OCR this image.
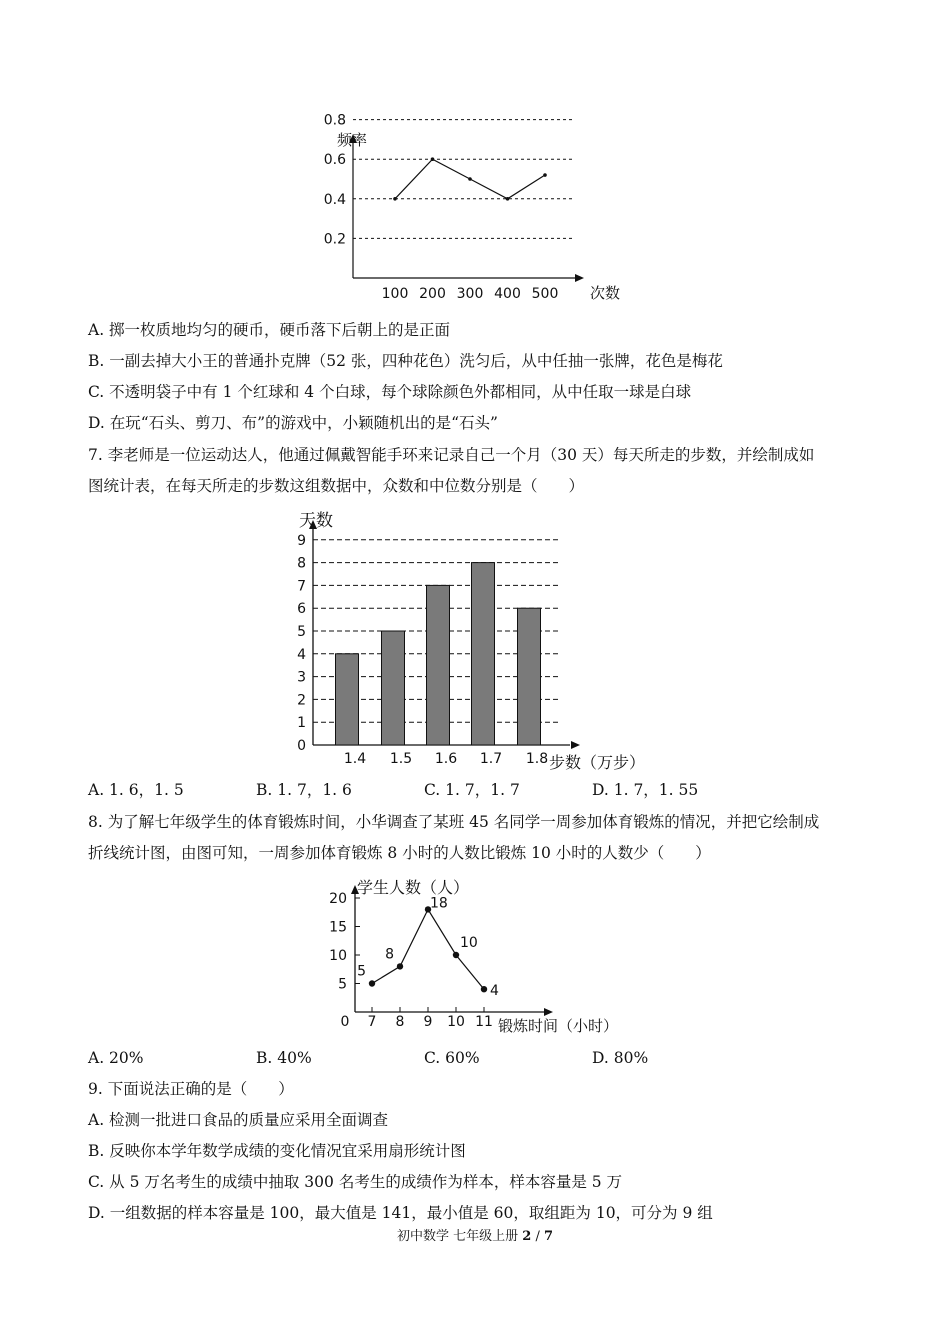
频率
次数
0.2
0.4
0.6
0.8
100 200 300 400 500
A. 掷一枚质地均匀的硬币，硬币落下后朝上的是正面
B. 一副去掉大小王的普通扑克牌（52 张，四种花色）洗匀后，从中任抽一张牌，花色是梅花
C. 不透明袋子中有 1 个红球和 4 个白球，每个球除颜色外都相同，从中任取一球是白球
D. 在玩“石头、剪刀、布”的游戏中，小颖随机出的是“石头”
7. 李老师是一位运动达人，他通过佩戴智能手环来记录自己一个月（30 天）每天所走的步数，并绘制成如
图统计表，在每天所走的步数这组数据中，众数和中位数分别是（　　）
天数
步数（万步）
0
1
2
3
4
5
6
7
8
9
1.4 1.5 1.6 1.7 1.8
A. 1. 6，1. 5	B. 1. 7，1. 6	C. 1. 7，1. 7	D. 1. 7，1. 55
8. 为了解七年级学生的体育锻炼时间，小华调查了某班 45 名同学一周参加体育锻炼的情况，并把它绘制成
折线统计图，由图可知，一周参加体育锻炼 8 小时的人数比锻炼 10 小时的人数少（　　）
学生人数（人）
锻炼时间（小时）
0
5
10
15
20
7 8 9 10 11
5
8
18
10
4
A. 20%	B. 40%	C. 60%	D. 80%
9. 下面说法正确的是（　　）
A. 检测一批进口食品的质量应采用全面调查
B. 反映你本学年数学成绩的变化情况宜采用扇形统计图
C. 从 5 万名考生的成绩中抽取 300 名考生的成绩作为样本，样本容量是 5 万
D. 一组数据的样本容量是 100，最大值是 141，最小值是 60，取组距为 10，可分为 9 组
初中数学 七年级上册 2 / 7
